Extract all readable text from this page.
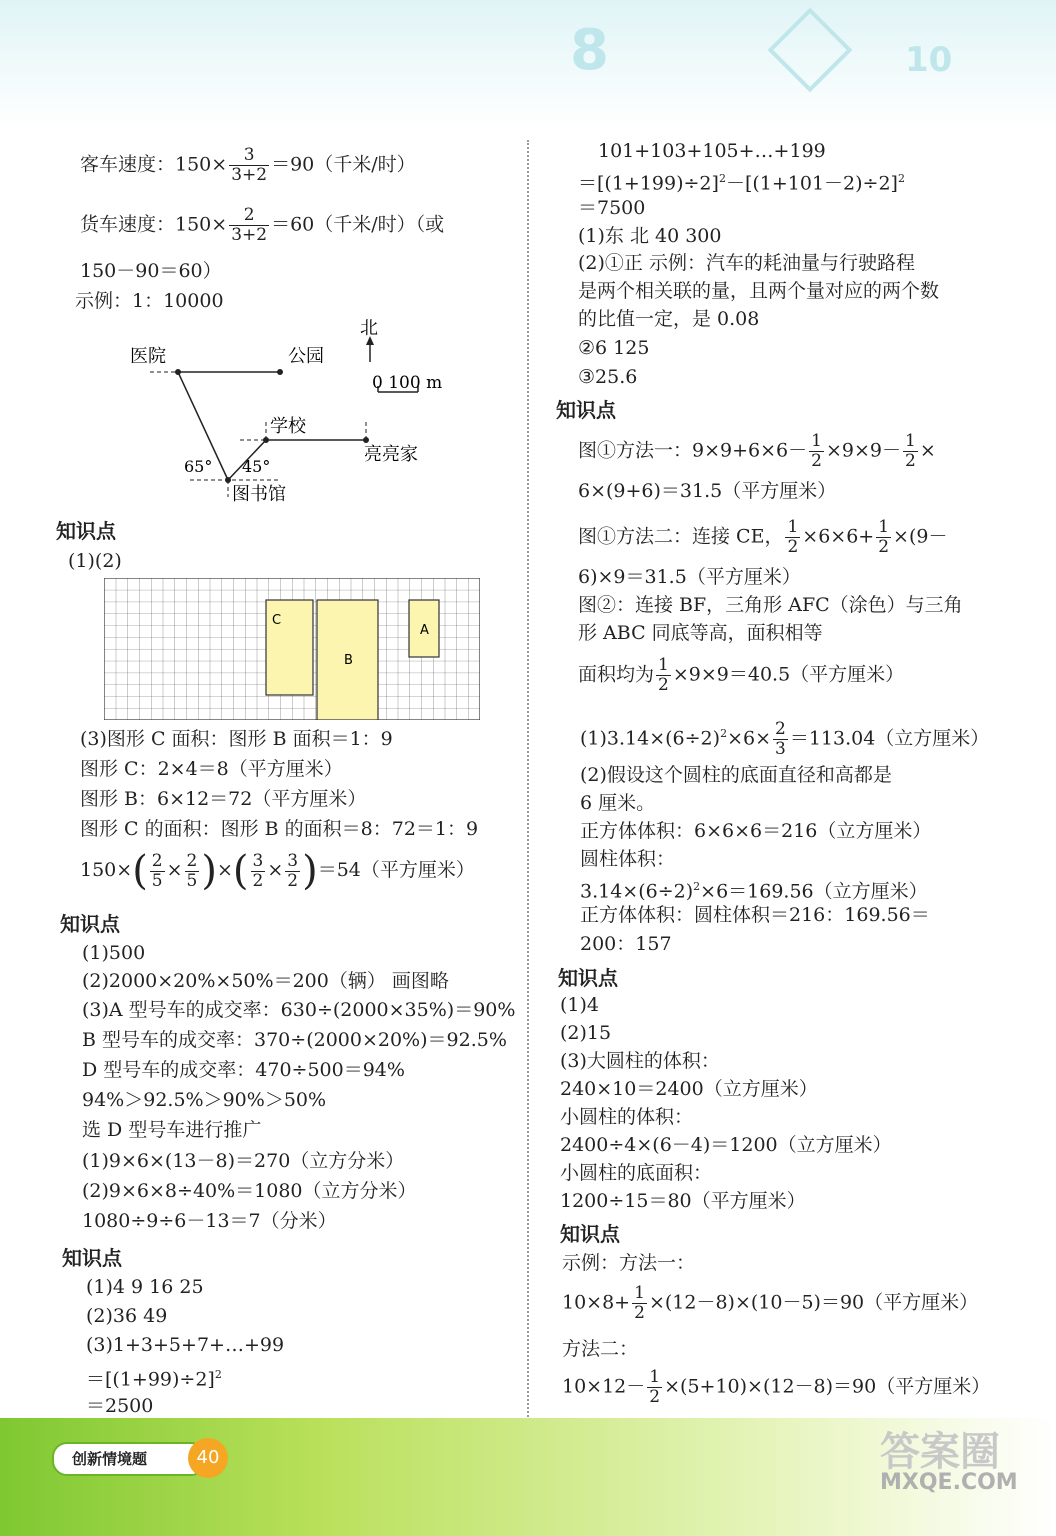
8	10
客车速度：$150\times \frac{3}{3+2} =90$（千米/时）
货车速度：$150\times \frac{2}{3+2} =60$（千米/时）（或
150－90＝60）
示例：1：10000
北
0 100 m
医院	公园
学校
亮亮家
图书馆
65° 45°
知识点
(1)(2)
C
B
A
(3)图形 C 面积：图形 B 面积＝1：9
图形 C：2×4＝8（平方厘米）
图形 B：6×12＝72（平方厘米）
图形 C 的面积：图形 B 的面积＝8：72＝1：9
$150\times( \frac{2}{5} \times \frac{2}{5}$ )×( $\frac{3}{2} \times \frac{3}{2} )=54$（平方厘米）
知识点
(1)500
(2)2000×20%×50%＝200（辆） 画图略
(3)A 型号车的成交率：630÷(2000×35%)＝90%
B 型号车的成交率：370÷(2000×20%)＝92.5%
D 型号车的成交率：470÷500＝94%
94%＞92.5%＞90%＞50%
选 D 型号车进行推广
(1)9×6×(13－8)＝270（立方分米）
(2)9×6×8÷40%＝1080（立方分米）
1080÷9÷6－13＝7（分米）
知识点
(1)4 9 16 25
(2)36 49
(3)1+3+5+7+…+99
$=[(1+99)\div 2]^2$
＝2500
101+103+105+…+199
$=[(1+199)\div 2]^2-[(1+101-2)\div 2]^2$
＝7500
(1)东 北 40 300
(2)①正 示例：汽车的耗油量与行驶路程
是两个相关联的量，且两个量对应的两个数
的比值一定，是 0.08
②6 125
③25.6
知识点
图①方法一：$9\times 9+6\times 6- \frac{1}{2} \times 9\times 9- \frac{1}{2}$ ×
6×(9+6)＝31.5（平方厘米）
图①方法二：连接 CE， $\frac{1}{2} \times 6\times 6+ \frac{1}{2} \times(9-$
6)×9＝31.5（平方厘米）
图②：连接 BF，三角形 AFC（涂色）与三角
形 ABC 同底等高，面积相等
面积均为 $\frac{1}{2} \times 9\times 9=40.5$（平方厘米）
$(1)3.14\times(6\div 2)^2\times 6\times \frac{2}{3} =113.04$（立方厘米）
(2)假设这个圆柱的底面直径和高都是
6 厘米。
正方体体积：6×6×6＝216（立方厘米）
圆柱体积：
$3.14\times(6\div 2)^2\times 6=169.56$（立方厘米）
正方体体积：圆柱体积＝216：169.56＝
200：157
知识点
(1)4
(2)15
(3)大圆柱的体积：
240×10＝2400（立方厘米）
小圆柱的体积：
2400÷4×(6－4)＝1200（立方厘米）
小圆柱的底面积：
1200÷15＝80（平方厘米）
知识点
示例：方法一：
$10\times 8+ \frac{1}{2} \times(12-8)\times(10-5)=90$（平方厘米）
方法二：
$10\times 12- \frac{1}{2} \times(5+10)\times(12-8)=90$（平方厘米）
创新情境题	40	答案圈
MXQE.COM
